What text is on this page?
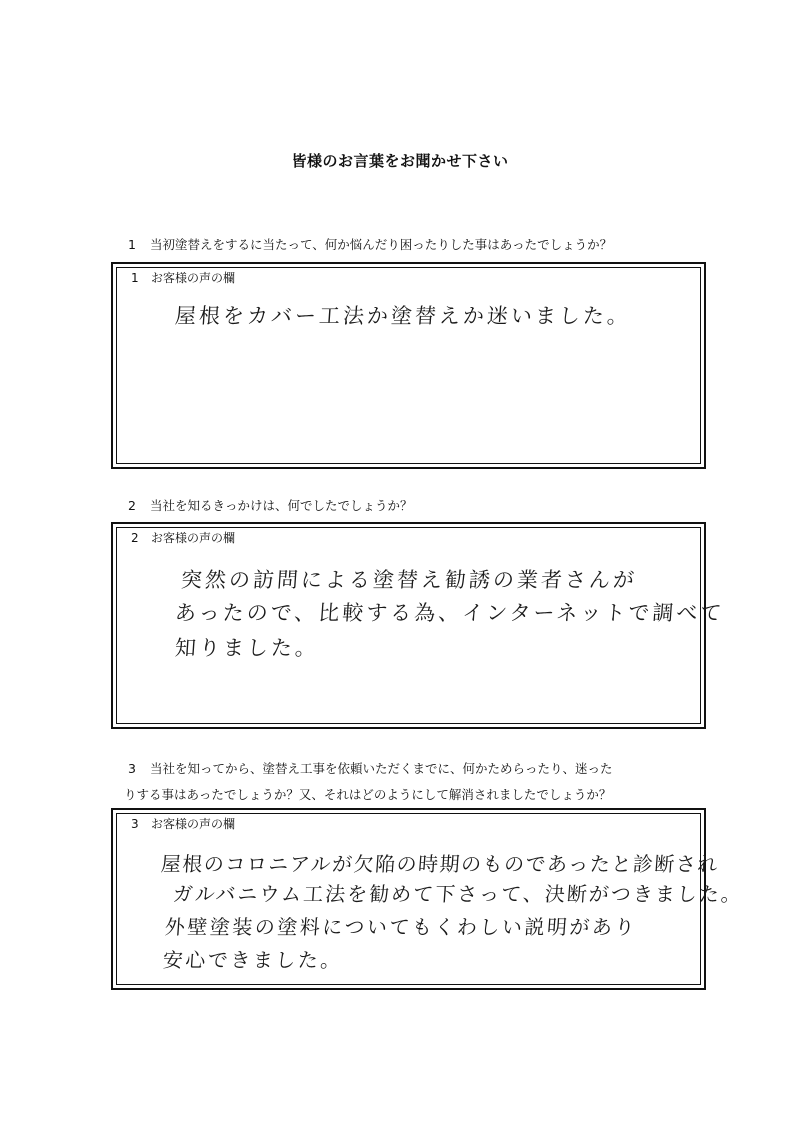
皆様のお言葉をお聞かせ下さい
1 当初塗替えをするに当たって、何か悩んだり困ったりした事はあったでしょうか？
1 お客様の声の欄
屋根をカバー工法か塗替えか迷いました。
2 当社を知るきっかけは、何でしたでしょうか？
2 お客様の声の欄
突然の訪問による塗替え勧誘の業者さんが
あったので、比較する為、インターネットで調べて
知りました。
3 当社を知ってから、塗替え工事を依頼いただくまでに、何かためらったり、迷った
りする事はあったでしょうか？又、それはどのようにして解消されましたでしょうか？
3 お客様の声の欄
屋根のコロニアルが欠陥の時期のものであったと診断され
ガルバニウム工法を勧めて下さって、決断がつきました。
外壁塗装の塗料についてもくわしい説明があり
安心できました。
